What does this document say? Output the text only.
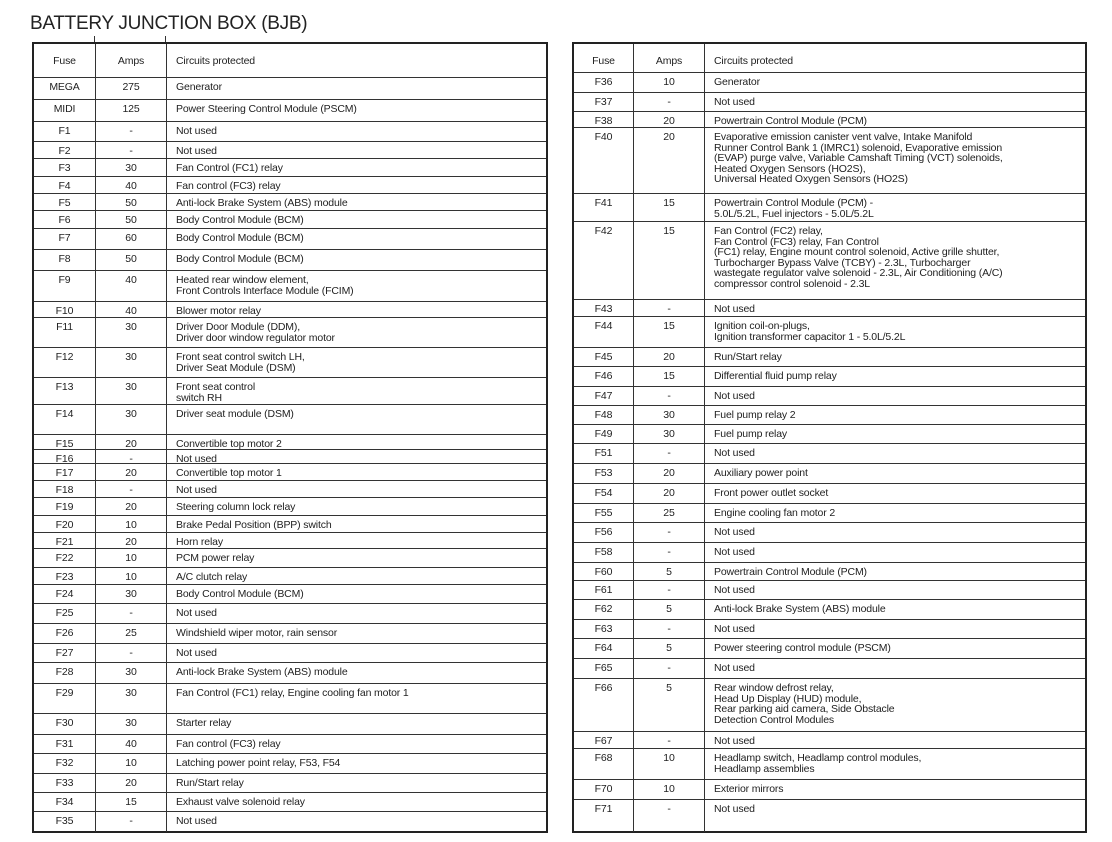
BATTERY JUNCTION BOX (BJB)
Fuse	Amps	Circuits protected
MEGA	275	Generator
MIDI	125	Power Steering Control Module (PSCM)
F1	-	Not used
F2	-	Not used
F3	30	Fan Control (FC1) relay
F4	40	Fan control (FC3) relay
F5	50	Anti-lock Brake System (ABS) module
F6	50	Body Control Module (BCM)
F7	60	Body Control Module (BCM)
F8	50	Body Control Module (BCM)
F9	40	Heated rear window element,
Front Controls Interface Module (FCIM)
F10	40	Blower motor relay
F11	30	Driver Door Module (DDM),
Driver door window regulator motor
F12	30	Front seat control switch LH,
Driver Seat Module (DSM)
F13	30	Front seat control
switch RH
F14	30	Driver seat module (DSM)
F15	20	Convertible top motor 2
F16	-	Not used
F17	20	Convertible top motor 1
F18	-	Not used
F19	20	Steering column lock relay
F20	10	Brake Pedal Position (BPP) switch
F21	20	Horn relay
F22	10	PCM power relay
F23	10	A/C clutch relay
F24	30	Body Control Module (BCM)
F25	-	Not used
F26	25	Windshield wiper motor, rain sensor
F27	-	Not used
F28	30	Anti-lock Brake System (ABS) module
F29	30	Fan Control (FC1) relay, Engine cooling fan motor 1
F30	30	Starter relay
F31	40	Fan control (FC3) relay
F32	10	Latching power point relay, F53, F54
F33	20	Run/Start relay
F34	15	Exhaust valve solenoid relay
F35	-	Not used
Fuse	Amps	Circuits protected
F36	10	Generator
F37	-	Not used
F38	20	Powertrain Control Module (PCM)
F40	20	Evaporative emission canister vent valve, Intake Manifold
Runner Control Bank 1 (IMRC1) solenoid, Evaporative emission
(EVAP) purge valve, Variable Camshaft Timing (VCT) solenoids,
Heated Oxygen Sensors (HO2S),
Universal Heated Oxygen Sensors (HO2S)
F41	15	Powertrain Control Module (PCM) -
5.0L/5.2L, Fuel injectors - 5.0L/5.2L
F42	15	Fan Control (FC2) relay,
Fan Control (FC3) relay, Fan Control
(FC1) relay, Engine mount control solenoid, Active grille shutter,
Turbocharger Bypass Valve (TCBY) - 2.3L, Turbocharger
wastegate regulator valve solenoid - 2.3L, Air Conditioning (A/C)
compressor control solenoid - 2.3L
F43	-	Not used
F44	15	Ignition coil-on-plugs,
Ignition transformer capacitor 1 - 5.0L/5.2L
F45	20	Run/Start relay
F46	15	Differential fluid pump relay
F47	-	Not used
F48	30	Fuel pump relay 2
F49	30	Fuel pump relay
F51	-	Not used
F53	20	Auxiliary power point
F54	20	Front power outlet socket
F55	25	Engine cooling fan motor 2
F56	-	Not used
F58	-	Not used
F60	5	Powertrain Control Module (PCM)
F61	-	Not used
F62	5	Anti-lock Brake System (ABS) module
F63	-	Not used
F64	5	Power steering control module (PSCM)
F65	-	Not used
F66	5	Rear window defrost relay,
Head Up Display (HUD) module,
Rear parking aid camera, Side Obstacle
Detection Control Modules
F67	-	Not used
F68	10	Headlamp switch, Headlamp control modules,
Headlamp assemblies
F70	10	Exterior mirrors
F71	-	Not used
